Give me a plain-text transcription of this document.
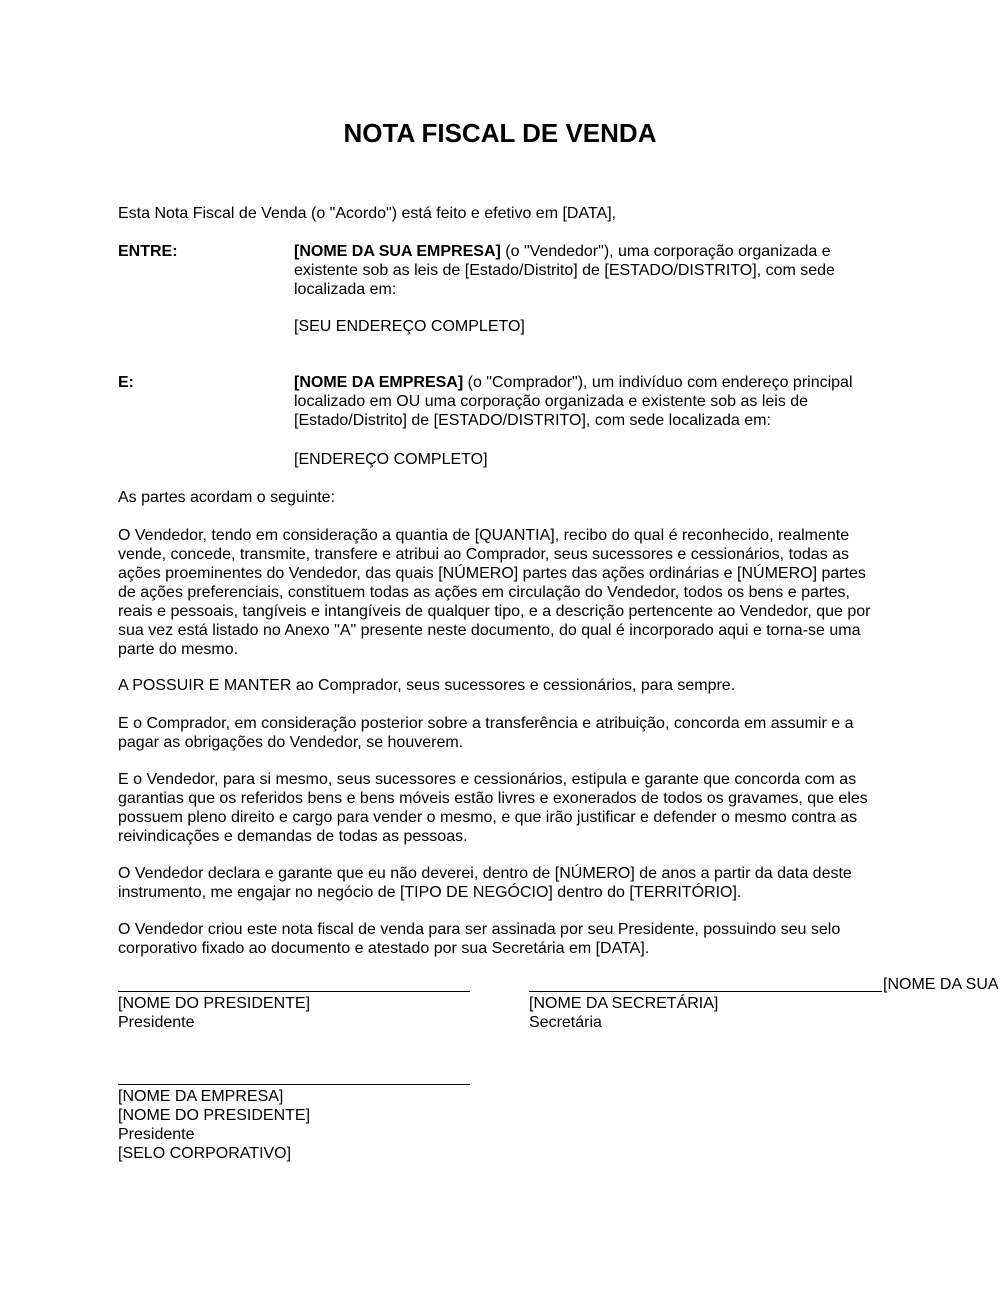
NOTA FISCAL DE VENDA
Esta Nota Fiscal de Venda (o "Acordo") está feito e efetivo em [DATA],
ENTRE:	[NOME DA SUA EMPRESA] (o "Vendedor"), uma corporação organizada e existente sob as leis de [Estado/Distrito] de [ESTADO/DISTRITO], com sede localizada em:
[SEU ENDEREÇO COMPLETO]
E:	[NOME DA EMPRESA] (o "Comprador"), um indivíduo com endereço principal localizado em OU uma corporação organizada e existente sob as leis de [Estado/Distrito] de [ESTADO/DISTRITO], com sede localizada em:
[ENDEREÇO COMPLETO]
As partes acordam o seguinte:
O Vendedor, tendo em consideração a quantia de [QUANTIA], recibo do qual é reconhecido, realmente vende, concede, transmite, transfere e atribui ao Comprador, seus sucessores e cessionários, todas as ações proeminentes do Vendedor, das quais [NÚMERO] partes das ações ordinárias e [NÚMERO] partes de ações preferenciais, constituem todas as ações em circulação do Vendedor, todos os bens e partes, reais e pessoais, tangíveis e intangíveis de qualquer tipo, e a descrição pertencente ao Vendedor, que por sua vez está listado no Anexo "A" presente neste documento, do qual é incorporado aqui e torna-se uma parte do mesmo.
A POSSUIR E MANTER ao Comprador, seus sucessores e cessionários, para sempre.
E o Comprador, em consideração posterior sobre a transferência e atribuição, concorda em assumir e a pagar as obrigações do Vendedor, se houverem.
E o Vendedor, para si mesmo, seus sucessores e cessionários, estipula e garante que concorda com as garantias que os referidos bens e bens móveis estão livres e exonerados de todos os gravames, que eles possuem pleno direito e cargo para vender o mesmo, e que irão justificar e defender o mesmo contra as reivindicações e demandas de todas as pessoas.
O Vendedor declara e garante que eu não deverei, dentro de [NÚMERO] de anos a partir da data deste instrumento, me engajar no negócio de [TIPO DE NEGÓCIO] dentro do [TERRITÓRIO].
O Vendedor criou este nota fiscal de venda para ser assinada por seu Presidente, possuindo seu selo corporativo fixado ao documento e atestado por sua Secretária em [DATA].
[NOME DO PRESIDENTE]
Presidente
[NOME DA SUA
[NOME DA SECRETÁRIA]
Secretária
[NOME DA EMPRESA]
[NOME DO PRESIDENTE]
Presidente
[SELO CORPORATIVO]
